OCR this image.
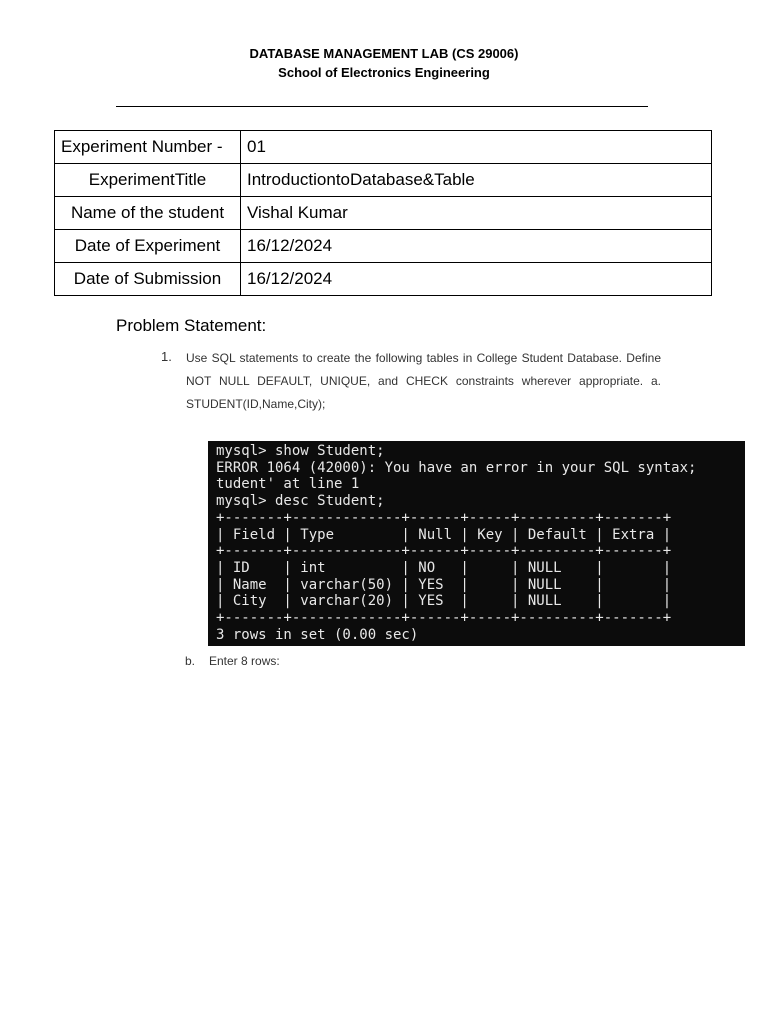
DATABASE MANAGEMENT LAB (CS 29006)
School of Electronics Engineering
Experiment Number -	01
ExperimentTitle	IntroductiontoDatabase&Table
Name of the student	Vishal Kumar
Date of Experiment	16/12/2024
Date of Submission	16/12/2024
Problem Statement:
1. Use SQL statements to create the following tables in College Student Database. Define NOT NULL DEFAULT, UNIQUE, and CHECK constraints wherever appropriate. a. STUDENT(ID,Name,City);
mysql> show Student;
ERROR 1064 (42000): You have an error in your SQL syntax;
tudent' at line 1
mysql> desc Student;
+-------+-------------+------+-----+---------+-------+
| Field | Type        | Null | Key | Default | Extra |
+-------+-------------+------+-----+---------+-------+
| ID    | int         | NO   |     | NULL    |       |
| Name  | varchar(50) | YES  |     | NULL    |       |
| City  | varchar(20) | YES  |     | NULL    |       |
+-------+-------------+------+-----+---------+-------+
3 rows in set (0.00 sec)
b. Enter 8 rows:
